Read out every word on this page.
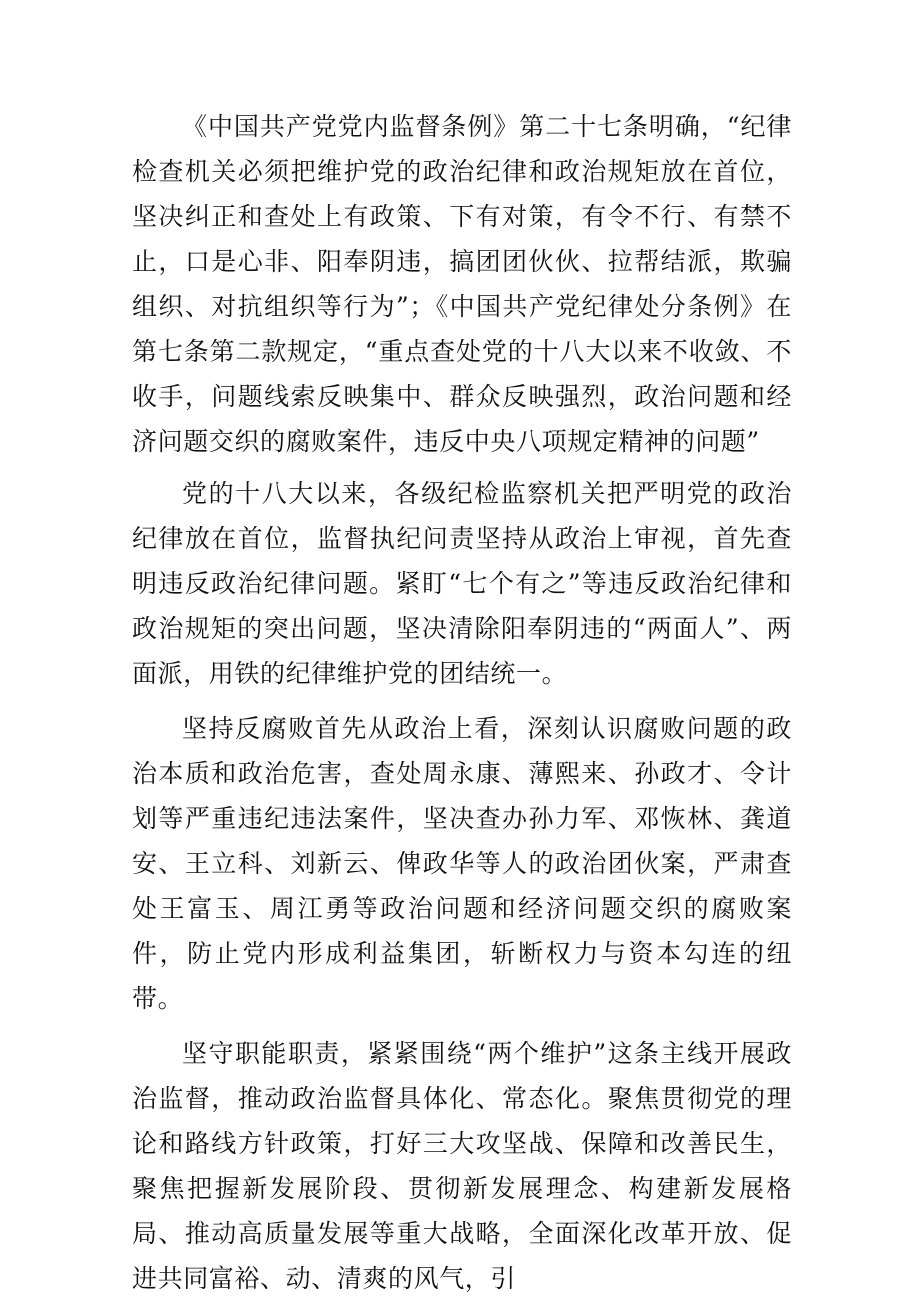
《中国共产党党内监督条例》第二十七条明确，“纪律检查机关必须把维护党的政治纪律和政治规矩放在首位，坚决纠正和查处上有政策、下有对策，有令不行、有禁不止，口是心非、阳奉阴违，搞团团伙伙、拉帮结派，欺骗组织、对抗组织等行为”；《中国共产党纪律处分条例》在第七条第二款规定，“重点查处党的十八大以来不收敛、不收手，问题线索反映集中、群众反映强烈，政治问题和经济问题交织的腐败案件，违反中央八项规定精神的问题”

党的十八大以来，各级纪检监察机关把严明党的政治纪律放在首位，监督执纪问责坚持从政治上审视，首先查明违反政治纪律问题。紧盯“七个有之”等违反政治纪律和政治规矩的突出问题，坚决清除阳奉阴违的“两面人”、两面派，用铁的纪律维护党的团结统一。

坚持反腐败首先从政治上看，深刻认识腐败问题的政治本质和政治危害，查处周永康、薄熙来、孙政才、令计划等严重违纪违法案件，坚决查办孙力军、邓恢林、龚道安、王立科、刘新云、俾政华等人的政治团伙案，严肃查处王富玉、周江勇等政治问题和经济问题交织的腐败案件，防止党内形成利益集团，斩断权力与资本勾连的纽带。

坚守职能职责，紧紧围绕“两个维护”这条主线开展政治监督，推动政治监督具体化、常态化。聚焦贯彻党的理论和路线方针政策，打好三大攻坚战、保障和改善民生，聚焦把握新发展阶段、贯彻新发展理念、构建新发展格局、推动高质量发展等重大战略，全面深化改革开放、促进共同富裕、动、清爽的风气，引
